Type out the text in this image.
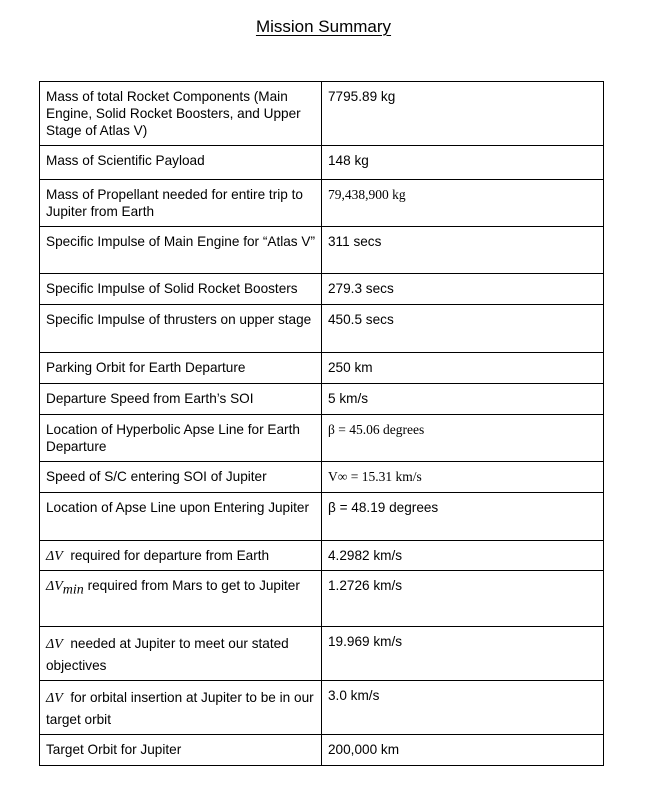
Mission Summary
Mass of total Rocket Components (Main Engine, Solid Rocket Boosters, and Upper Stage of Atlas V)	7795.89 kg
Mass of Scientific Payload	148 kg
Mass of Propellant needed for entire trip to Jupiter from Earth	79,438,900 kg
Specific Impulse of Main Engine for “Atlas V”	311 secs
Specific Impulse of Solid Rocket Boosters	279.3 secs
Specific Impulse of thrusters on upper stage	450.5 secs
Parking Orbit for Earth Departure	250 km
Departure Speed from Earth’s SOI	5 km/s
Location of Hyperbolic Apse Line for Earth Departure	β = 45.06 degrees
Speed of S/C entering SOI of Jupiter	V∞ = 15.31 km/s
Location of Apse Line upon Entering Jupiter	β = 48.19 degrees
ΔV required for departure from Earth	4.2982 km/s
$\Delta V_{min}$ required from Mars to get to Jupiter	1.2726 km/s
ΔV needed at Jupiter to meet our stated objectives	19.969 km/s
ΔV for orbital insertion at Jupiter to be in our target orbit	3.0 km/s
Target Orbit for Jupiter	200,000 km
